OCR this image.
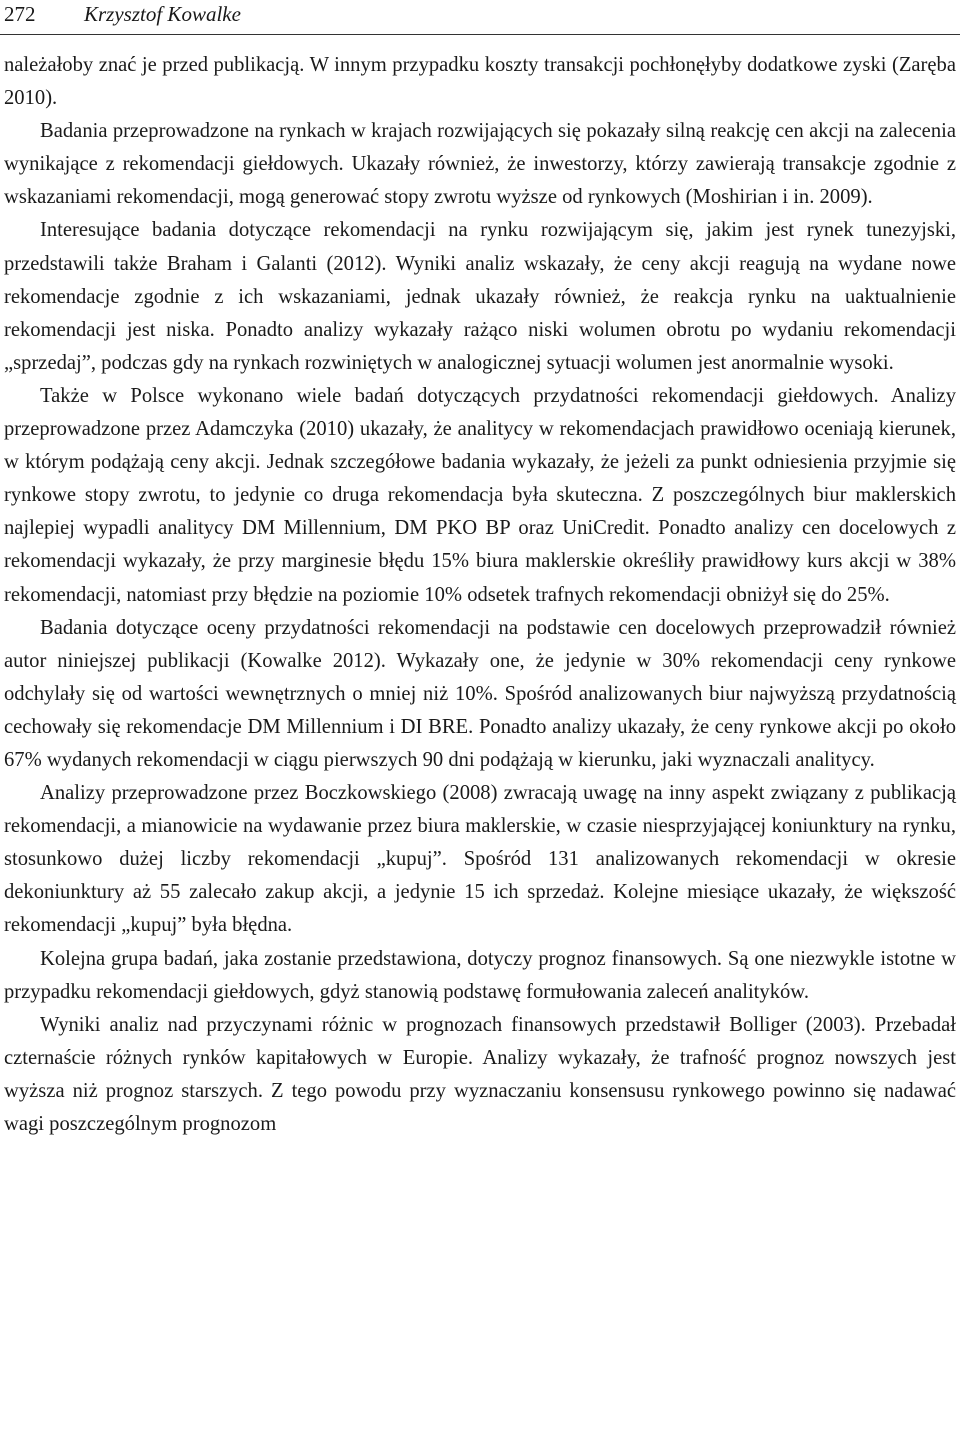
272 Krzysztof Kowalke

należałoby znać je przed publikacją. W innym przypadku koszty transakcji pochłonęłyby dodatkowe zyski (Zaręba 2010).

Badania przeprowadzone na rynkach w krajach rozwijających się pokazały silną reakcję cen akcji na zalecenia wynikające z rekomendacji giełdowych. Ukazały również, że inwestorzy, którzy zawierają transakcje zgodnie z wskazaniami rekomendacji, mogą generować stopy zwrotu wyższe od rynkowych (Moshirian i in. 2009).

Interesujące badania dotyczące rekomendacji na rynku rozwijającym się, jakim jest rynek tunezyjski, przedstawili także Braham i Galanti (2012). Wyniki analiz wskazały, że ceny akcji reagują na wydane nowe rekomendacje zgodnie z ich wskazaniami, jednak ukazały również, że reakcja rynku na uaktualnienie rekomendacji jest niska. Ponadto analizy wykazały rażąco niski wolumen obrotu po wydaniu rekomendacji „sprzedaj”, podczas gdy na rynkach rozwiniętych w analogicznej sytuacji wolumen jest anormalnie wysoki.

Także w Polsce wykonano wiele badań dotyczących przydatności rekomendacji giełdowych. Analizy przeprowadzone przez Adamczyka (2010) ukazały, że analitycy w rekomendacjach prawidłowo oceniają kierunek, w którym podążają ceny akcji. Jednak szczegółowe badania wykazały, że jeżeli za punkt odniesienia przyjmie się rynkowe stopy zwrotu, to jedynie co druga rekomendacja była skuteczna. Z poszczególnych biur maklerskich najlepiej wypadli analitycy DM Millennium, DM PKO BP oraz UniCredit. Ponadto analizy cen docelowych z rekomendacji wykazały, że przy marginesie błędu 15% biura maklerskie określiły prawidłowy kurs akcji w 38% rekomendacji, natomiast przy błędzie na poziomie 10% odsetek trafnych rekomendacji obniżył się do 25%.

Badania dotyczące oceny przydatności rekomendacji na podstawie cen docelowych przeprowadził również autor niniejszej publikacji (Kowalke 2012). Wykazały one, że jedynie w 30% rekomendacji ceny rynkowe odchylały się od wartości wewnętrznych o mniej niż 10%. Spośród analizowanych biur najwyższą przydatnością cechowały się rekomendacje DM Millennium i DI BRE. Ponadto analizy ukazały, że ceny rynkowe akcji po około 67% wydanych rekomendacji w ciągu pierwszych 90 dni podążają w kierunku, jaki wyznaczali analitycy.

Analizy przeprowadzone przez Boczkowskiego (2008) zwracają uwagę na inny aspekt związany z publikacją rekomendacji, a mianowicie na wydawanie przez biura maklerskie, w czasie niesprzyjającej koniunktury na rynku, stosunkowo dużej liczby rekomendacji „kupuj”. Spośród 131 analizowanych rekomendacji w okresie dekoniunktury aż 55 zalecało zakup akcji, a jedynie 15 ich sprzedaż. Kolejne miesiące ukazały, że większość rekomendacji „kupuj” była błędna.

Kolejna grupa badań, jaka zostanie przedstawiona, dotyczy prognoz finansowych. Są one niezwykle istotne w przypadku rekomendacji giełdowych, gdyż stanowią podstawę formułowania zaleceń analityków.

Wyniki analiz nad przyczynami różnic w prognozach finansowych przedstawił Bolliger (2003). Przebadał czternaście różnych rynków kapitałowych w Europie. Analizy wykazały, że trafność prognoz nowszych jest wyższa niż prognoz starszych. Z tego powodu przy wyznaczaniu konsensusu rynkowego powinno się nadawać wagi poszczególnym prognozom
